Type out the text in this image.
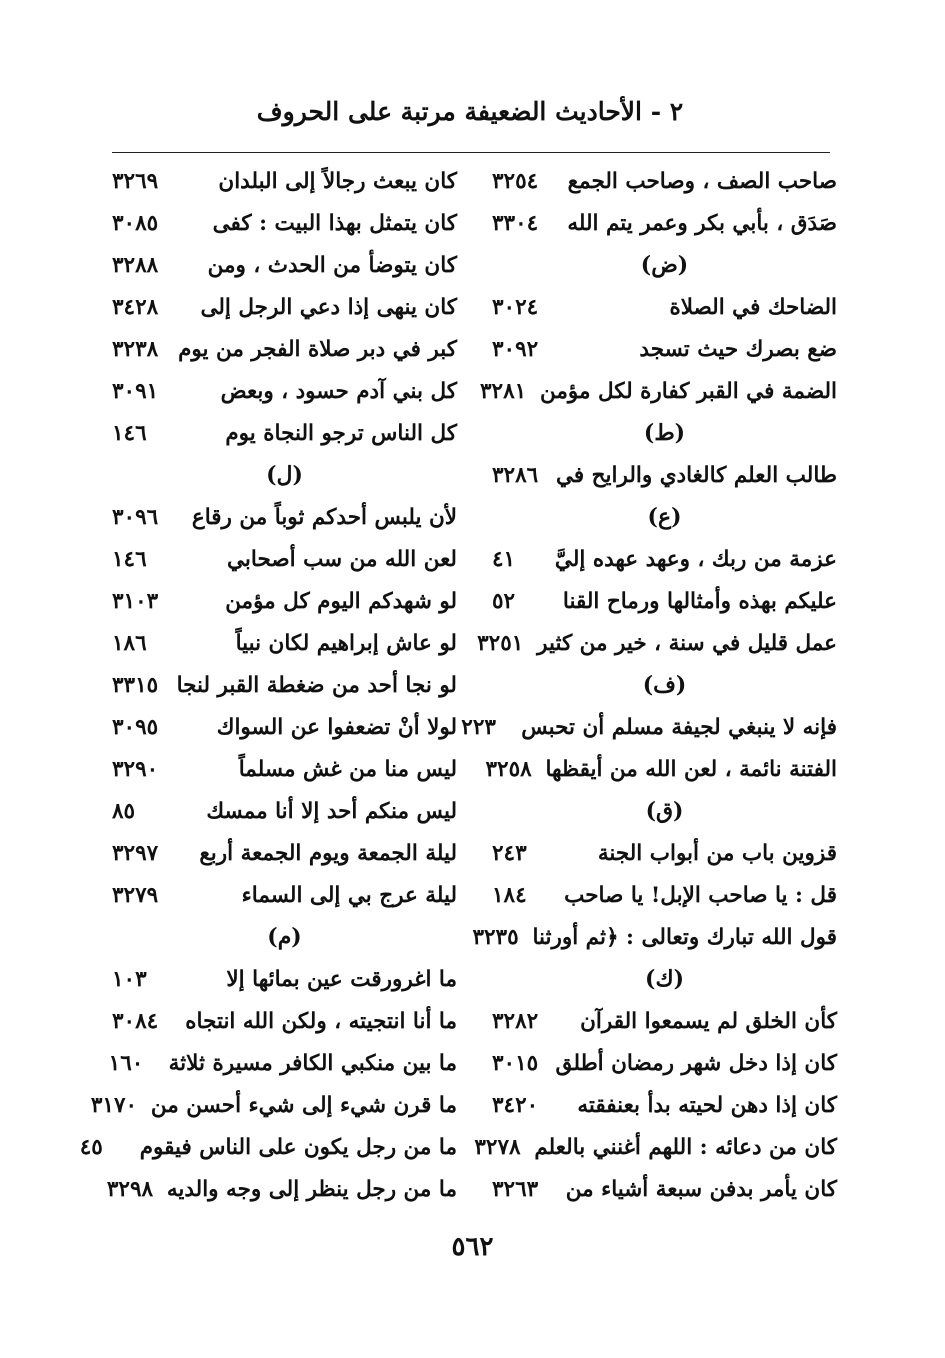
٢ - الأحاديث الضعيفة مرتبة على الحروف
صاحب الصف ، وصاحب الجمع
٣٢٥٤
صَدَق ، بأبي بكر وعمر يتم الله
٣٣٠٤
(ض)
الضاحك في الصلاة
٣٠٢٤
ضع بصرك حيث تسجد
٣٠٩٢
الضمة في القبر كفارة لكل مؤمن
٣٢٨١
(ط)
طالب العلم كالغادي والرايح في
٣٢٨٦
(ع)
عزمة من ربك ، وعهد عهده إليَّ
٤١
عليكم بهذه وأمثالها ورماح القنا
٥٢
عمل قليل في سنة ، خير من كثير
٣٢٥١
(ف)
فإنه لا ينبغي لجيفة مسلم أن تحبس
٢٢٣
الفتنة نائمة ، لعن الله من أيقظها
٣٢٥٨
(ق)
قزوين باب من أبواب الجنة
٢٤٣
قل : يا صاحب الإبل! يا صاحب
١٨٤
قول الله تبارك وتعالى : ﴿ثم أورثنا
٣٢٣٥
(ك)
كأن الخلق لم يسمعوا القرآن
٣٢٨٢
كان إذا دخل شهر رمضان أطلق
٣٠١٥
كان إذا دهن لحيته بدأ بعنفقته
٣٤٢٠
كان من دعائه : اللهم أغنني بالعلم
٣٢٧٨
كان يأمر بدفن سبعة أشياء من
٣٢٦٣
كان يبعث رجالاً إلى البلدان
٣٢٦٩
كان يتمثل بهذا البيت : كفى
٣٠٨٥
كان يتوضأ من الحدث ، ومن
٣٢٨٨
كان ينهى إذا دعي الرجل إلى
٣٤٢٨
كبر في دبر صلاة الفجر من يوم
٣٢٣٨
كل بني آدم حسود ، وبعض
٣٠٩١
كل الناس ترجو النجاة يوم
١٤٦
(ل)
لأن يلبس أحدكم ثوباً من رقاع
٣٠٩٦
لعن الله من سب أصحابي
١٤٦
لو شهدكم اليوم كل مؤمن
٣١٠٣
لو عاش إبراهيم لكان نبياً
١٨٦
لو نجا أحد من ضغطة القبر لنجا
٣٣١٥
لولا أنْ تضعفوا عن السواك
٣٠٩٥
ليس منا من غش مسلماً
٣٢٩٠
ليس منكم أحد إلا أنا ممسك
٨٥
ليلة الجمعة ويوم الجمعة أربع
٣٢٩٧
ليلة عرج بي إلى السماء
٣٢٧٩
(م)
ما اغرورقت عين بمائها إلا
١٠٣
ما أنا انتجيته ، ولكن الله انتجاه
٣٠٨٤
ما بين منكبي الكافر مسيرة ثلاثة
١٦٠
ما قرن شيء إلى شيء أحسن من
٣١٧٠
ما من رجل يكون على الناس فيقوم
٤٥
ما من رجل ينظر إلى وجه والديه
٣٢٩٨
٥٦٢
